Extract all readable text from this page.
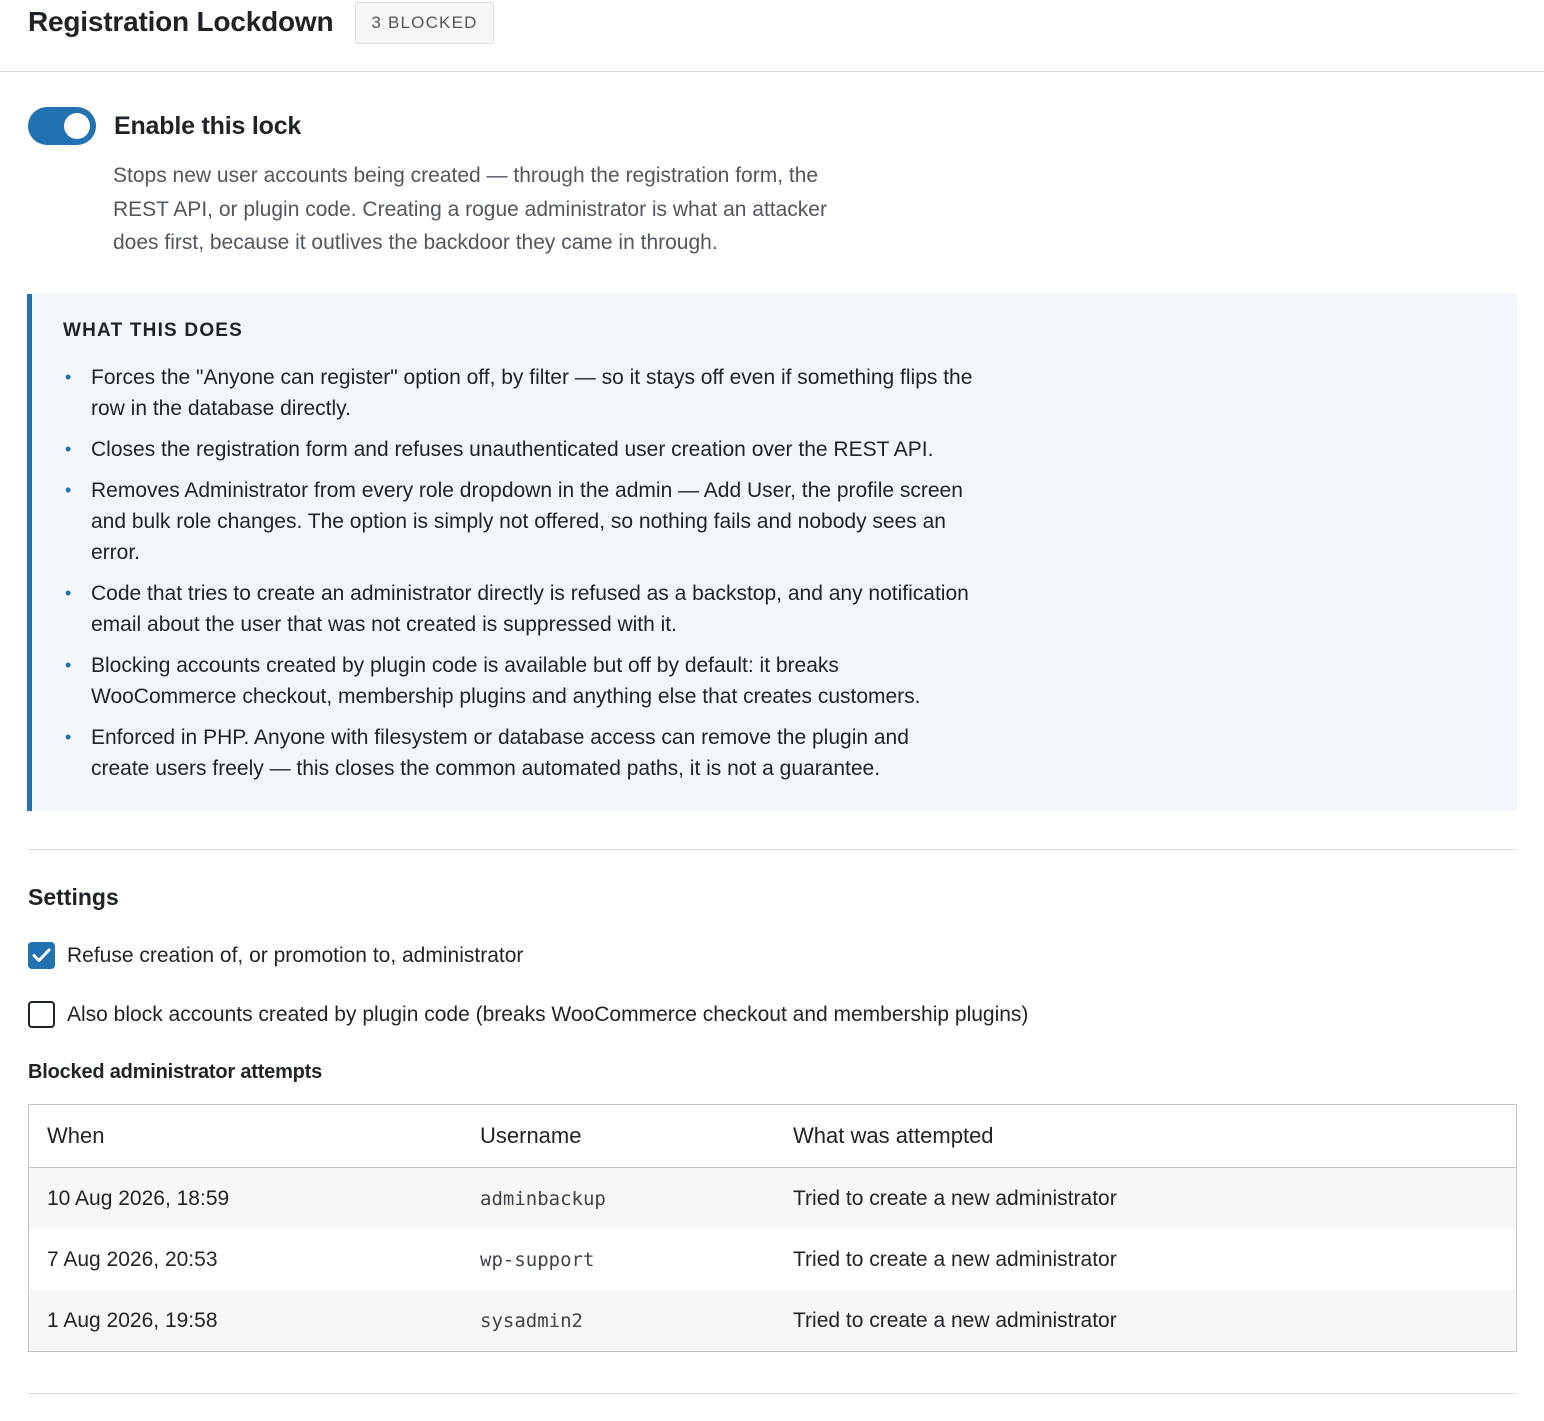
Registration Lockdown	3 BLOCKED
Enable this lock

Stops new user accounts being created — through the registration form, the REST API, or plugin code. Creating a rogue administrator is what an attacker does first, because it outlives the backdoor they came in through.

WHAT THIS DOES
• Forces the "Anyone can register" option off, by filter — so it stays off even if something flips the row in the database directly.
• Closes the registration form and refuses unauthenticated user creation over the REST API.
• Removes Administrator from every role dropdown in the admin — Add User, the profile screen and bulk role changes. The option is simply not offered, so nothing fails and nobody sees an error.
• Code that tries to create an administrator directly is refused as a backstop, and any notification email about the user that was not created is suppressed with it.
• Blocking accounts created by plugin code is available but off by default: it breaks WooCommerce checkout, membership plugins and anything else that creates customers.
• Enforced in PHP. Anyone with filesystem or database access can remove the plugin and create users freely — this closes the common automated paths, it is not a guarantee.
Settings
Refuse creation of, or promotion to, administrator
Also block accounts created by plugin code (breaks WooCommerce checkout and membership plugins)
Blocked administrator attempts
When	Username	What was attempted
10 Aug 2026, 18:59	adminbackup	Tried to create a new administrator
7 Aug 2026, 20:53	wp-support	Tried to create a new administrator
1 Aug 2026, 19:58	sysadmin2	Tried to create a new administrator
